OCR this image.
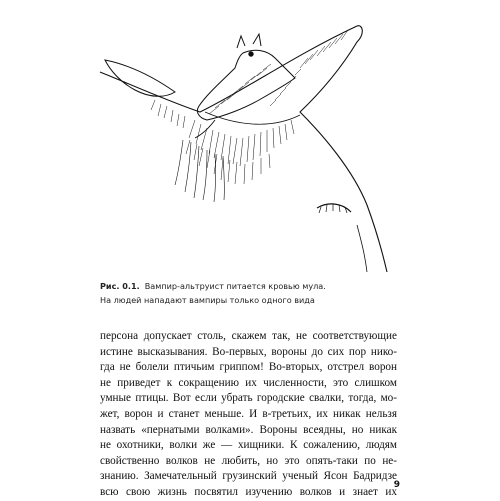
Рис. 0.1. Вампир-альтруист питается кровью мула.
На людей нападают вампиры только одного вида
персона допускает столь, скажем так, не соответствующие
истине высказывания. Во-первых, вороны до сих пор нико-
гда не болели птичьим гриппом! Во-вторых, отстрел ворон
не приведет к сокращению их численности, это слишком
умные птицы. Вот если убрать городские свалки, тогда, мо-
жет, ворон и станет меньше. И в-третьих, их никак нельзя
назвать «пернатыми волками». Вороны всеядны, но никак
не охотники, волки же — хищники. К сожалению, людям
свойственно волков не любить, но это опять-таки по не-
знанию. Замечательный грузинский ученый Ясон Бадридзе
всю свою жизнь посвятил изучению волков и знает их
9
